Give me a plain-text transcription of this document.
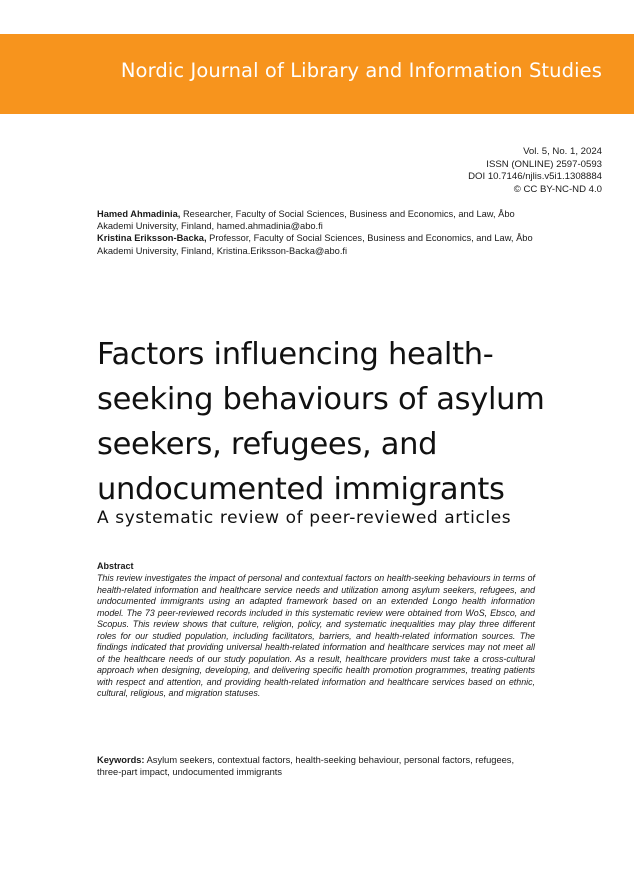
Nordic Journal of Library and Information Studies
Vol. 5, No. 1, 2024
ISSN (ONLINE) 2597-0593
DOI 10.7146/njlis.v5i1.1308884
© CC BY-NC-ND 4.0
Hamed Ahmadinia, Researcher, Faculty of Social Sciences, Business and Economics, and Law, Åbo Akademi University, Finland, hamed.ahmadinia@abo.fi
Kristina Eriksson-Backa, Professor, Faculty of Social Sciences, Business and Economics, and Law, Åbo Akademi University, Finland, Kristina.Eriksson-Backa@abo.fi
Factors influencing health-seeking behaviours of asylum seekers, refugees, and undocumented immigrants
A systematic review of peer-reviewed articles
Abstract
This review investigates the impact of personal and contextual factors on health-seeking behaviours in terms of health-related information and healthcare service needs and utilization among asylum seekers, refugees, and undocumented immigrants using an adapted framework based on an extended Longo health information model. The 73 peer-reviewed records included in this systematic review were obtained from WoS, Ebsco, and Scopus. This review shows that culture, religion, policy, and systematic inequalities may play three different roles for our studied population, including facilitators, barriers, and health-related information sources. The findings indicated that providing universal health-related information and healthcare services may not meet all of the healthcare needs of our study population. As a result, healthcare providers must take a cross-cultural approach when designing, developing, and delivering specific health promotion programmes, treating patients with respect and attention, and providing health-related information and healthcare services based on ethnic, cultural, religious, and migration statuses.
Keywords: Asylum seekers, contextual factors, health-seeking behaviour, personal factors, refugees, three-part impact, undocumented immigrants
